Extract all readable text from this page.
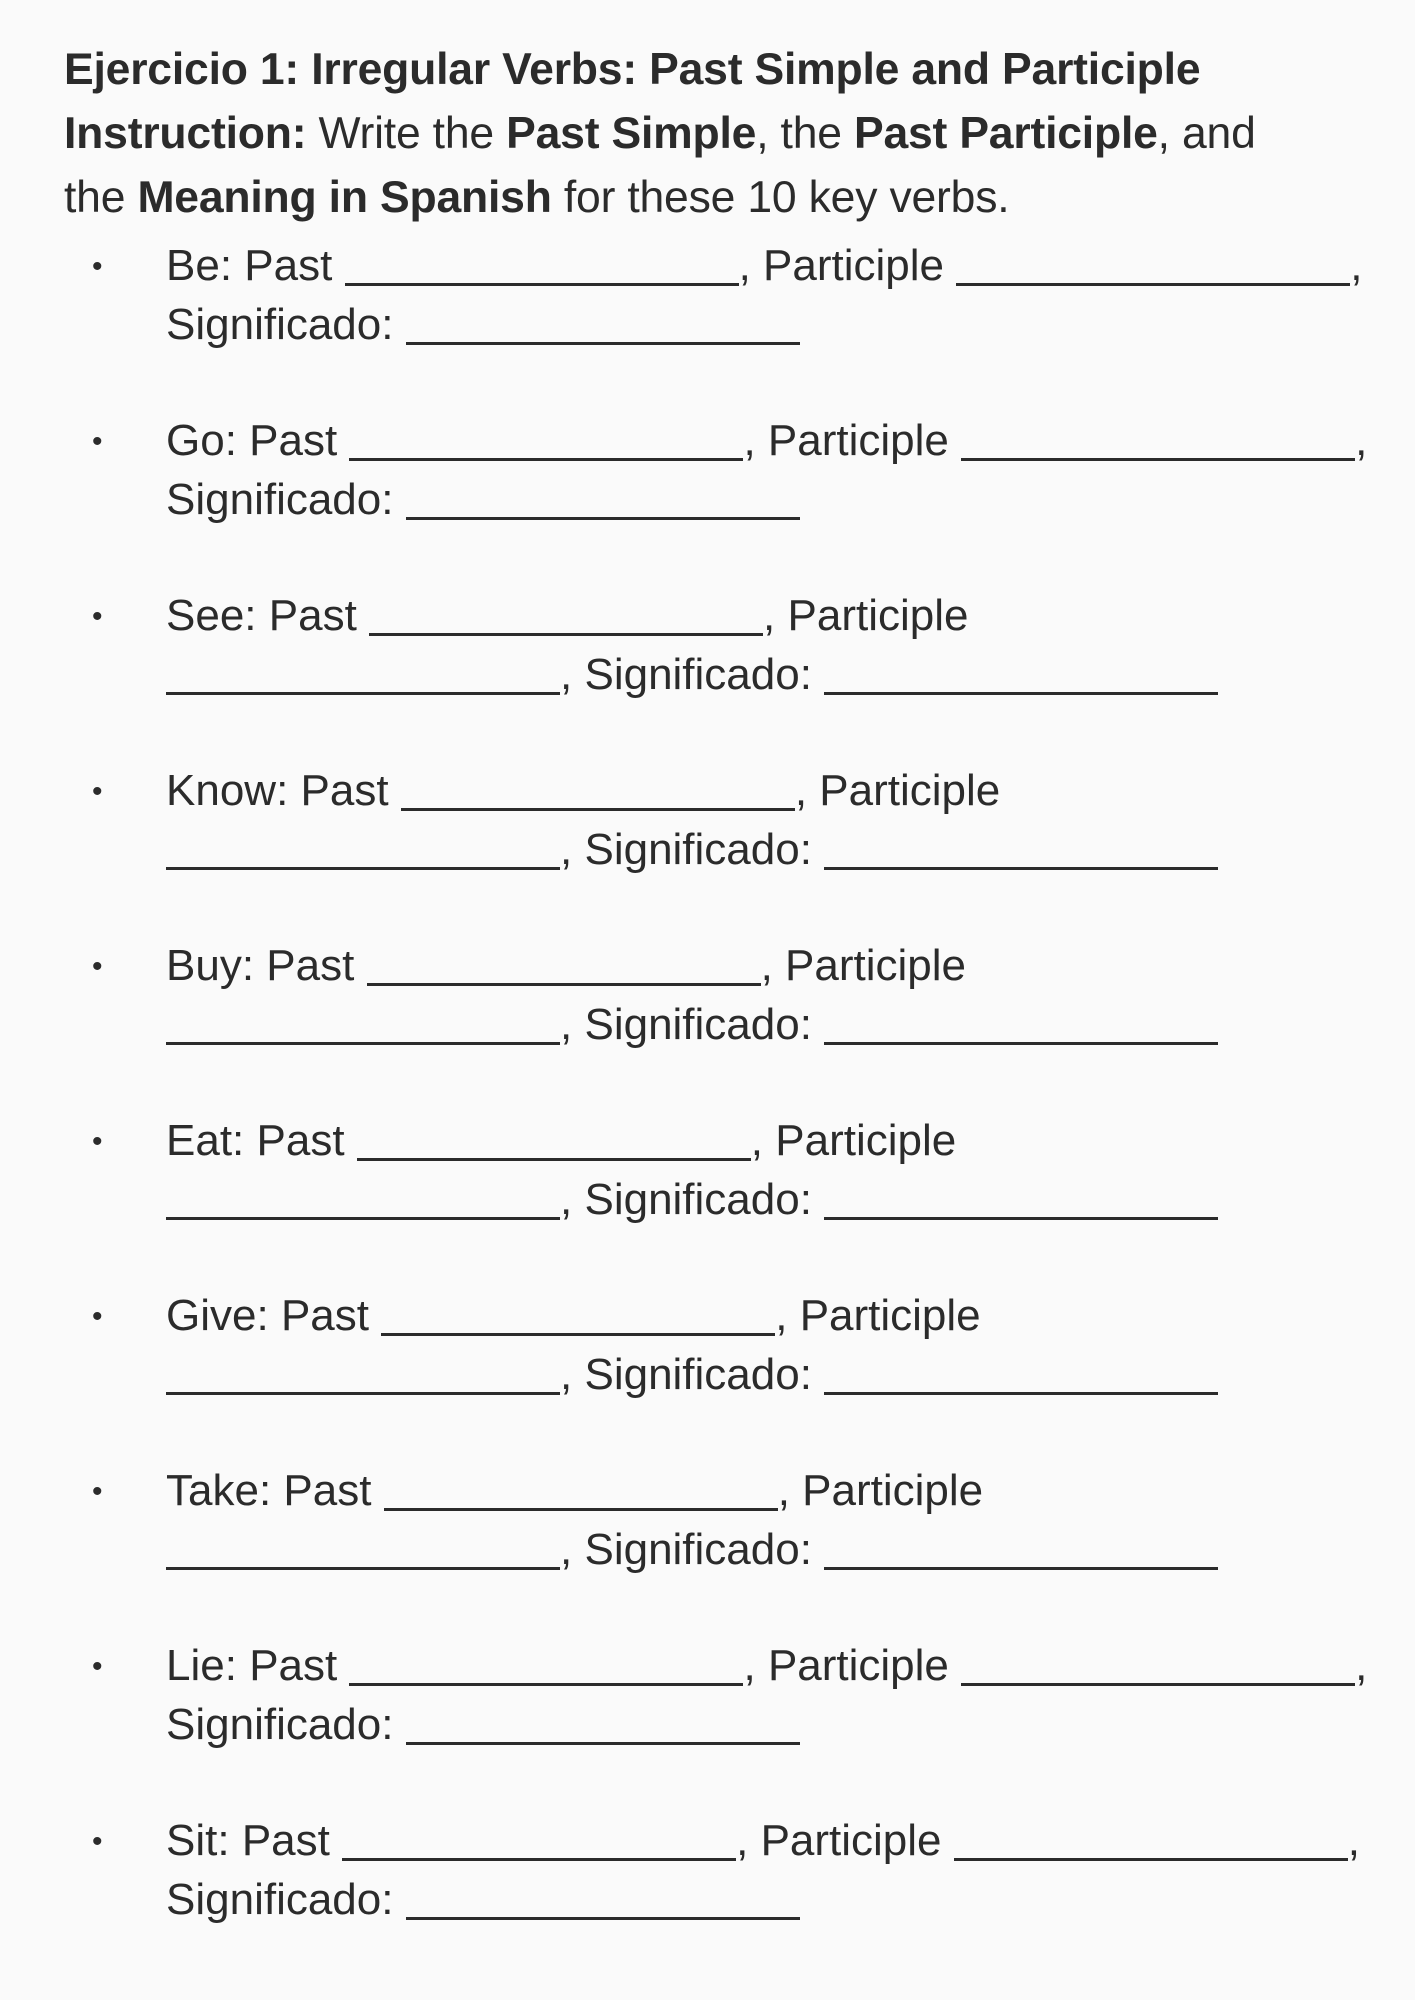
Ejercicio 1: Irregular Verbs: Past Simple and Participle
Instruction: Write the Past Simple, the Past Participle, and
the Meaning in Spanish for these 10 key verbs.
• Be: Past	, Participle	,
Significado:
• Go: Past	, Participle	,
Significado:
• See: Past	, Participle
, Significado:
• Know: Past	, Participle
, Significado:
• Buy: Past	, Participle
, Significado:
• Eat: Past	, Participle
, Significado:
• Give: Past	, Participle
, Significado:
• Take: Past	, Participle
, Significado:
• Lie: Past	, Participle	,
Significado:
• Sit: Past	, Participle	,
Significado:
